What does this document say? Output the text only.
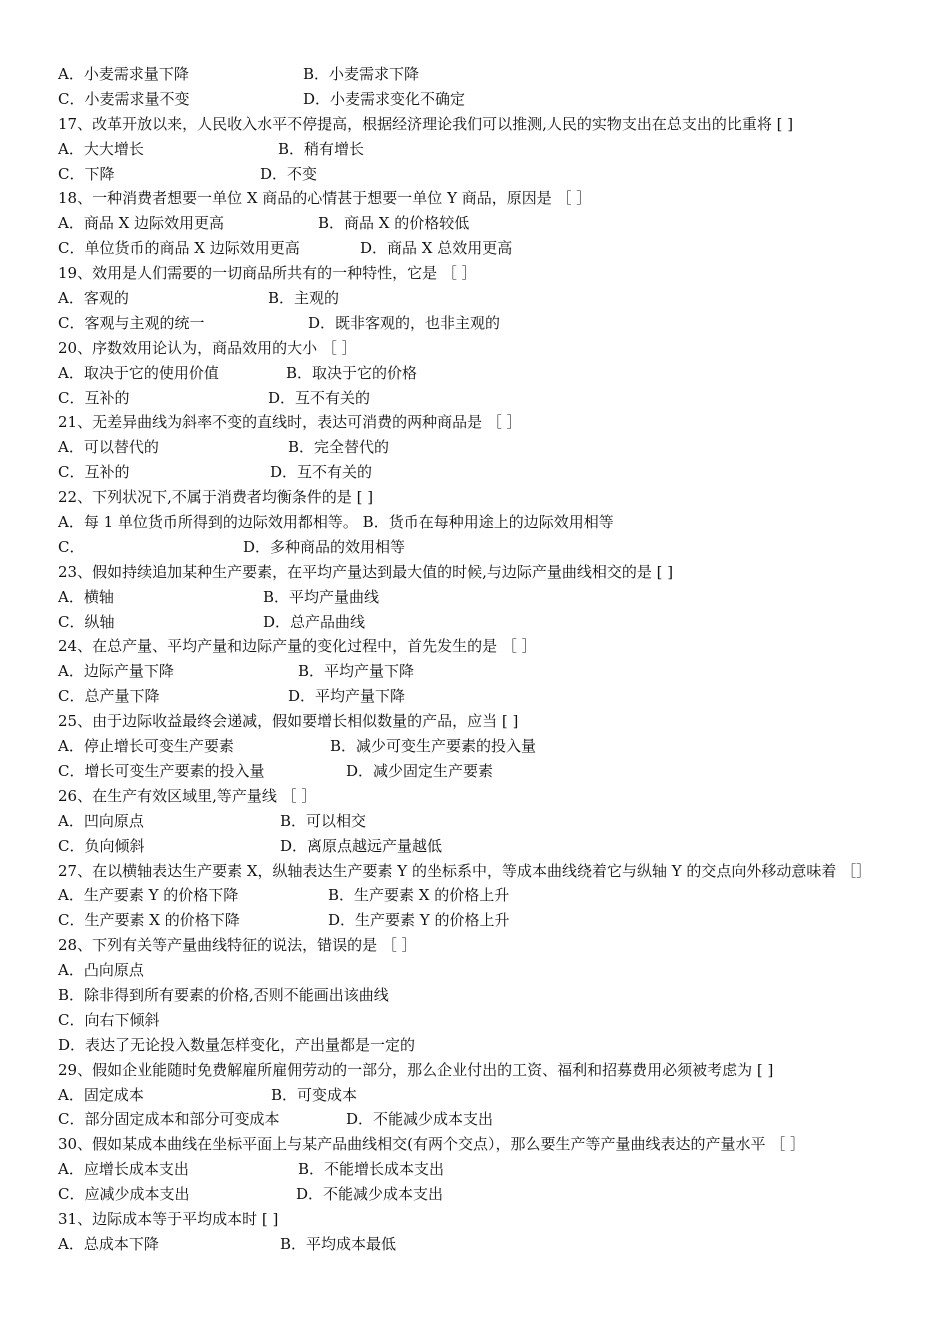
A．小麦需求量下降	B．小麦需求下降
C．小麦需求量不变	D．小麦需求变化不确定
17、改革开放以来，人民收入水平不停提高，根据经济理论我们可以推测,人民的实物支出在总支出的比重将 [ ]
A．大大增长	B．稍有增长
C．下降	D．不变
18、一种消费者想要一单位 X 商品的心情甚于想要一单位 Y 商品，原因是 ［ ］
A．商品 X 边际效用更高	B．商品 X 的价格较低
C．单位货币的商品 X 边际效用更高	D．商品 X 总效用更高
19、效用是人们需要的一切商品所共有的一种特性，它是 ［ ］
A．客观的	B．主观的
C．客观与主观的统一	D．既非客观的，也非主观的
20、序数效用论认为，商品效用的大小 ［ ］
A．取决于它的使用价值	B．取决于它的价格
C．互补的	D．互不有关的
21、无差异曲线为斜率不变的直线时，表达可消费的两种商品是 ［ ］
A．可以替代的	B．完全替代的
C．互补的	D．互不有关的
22、下列状况下,不属于消费者均衡条件的是 [ ]
A．每 1 单位货币所得到的边际效用都相等。 B．货币在每种用途上的边际效用相等
C．	D．多种商品的效用相等
23、假如持续追加某种生产要素，在平均产量达到最大值的时候,与边际产量曲线相交的是 [ ]
A．横轴	B．平均产量曲线
C．纵轴	D．总产品曲线
24、在总产量、平均产量和边际产量的变化过程中，首先发生的是 ［ ］
A．边际产量下降	B．平均产量下降
C．总产量下降	D．平均产量下降
25、由于边际收益最终会递减，假如要增长相似数量的产品，应当 [ ]
A．停止增长可变生产要素	B．减少可变生产要素的投入量
C．增长可变生产要素的投入量	D．减少固定生产要素
26、在生产有效区域里,等产量线 ［ ］
A．凹向原点	B．可以相交
C．负向倾斜	D．离原点越远产量越低
27、在以横轴表达生产要素 X，纵轴表达生产要素 Y 的坐标系中，等成本曲线绕着它与纵轴 Y 的交点向外移动意味着 ［］
A．生产要素 Y 的价格下降	B．生产要素 X 的价格上升
C．生产要素 X 的价格下降	D．生产要素 Y 的价格上升
28、下列有关等产量曲线特征的说法，错误的是 ［ ］
A．凸向原点
B．除非得到所有要素的价格,否则不能画出该曲线
C．向右下倾斜
D．表达了无论投入数量怎样变化，产出量都是一定的
29、假如企业能随时免费解雇所雇佣劳动的一部分，那么企业付出的工资、福利和招募费用必须被考虑为 [ ]
A．固定成本	B．可变成本
C．部分固定成本和部分可变成本	D．不能减少成本支出
30、假如某成本曲线在坐标平面上与某产品曲线相交(有两个交点），那么要生产等产量曲线表达的产量水平 ［ ］
A．应增长成本支出	B．不能增长成本支出
C．应减少成本支出	D．不能减少成本支出
31、边际成本等于平均成本时 [ ]
A．总成本下降	B．平均成本最低
